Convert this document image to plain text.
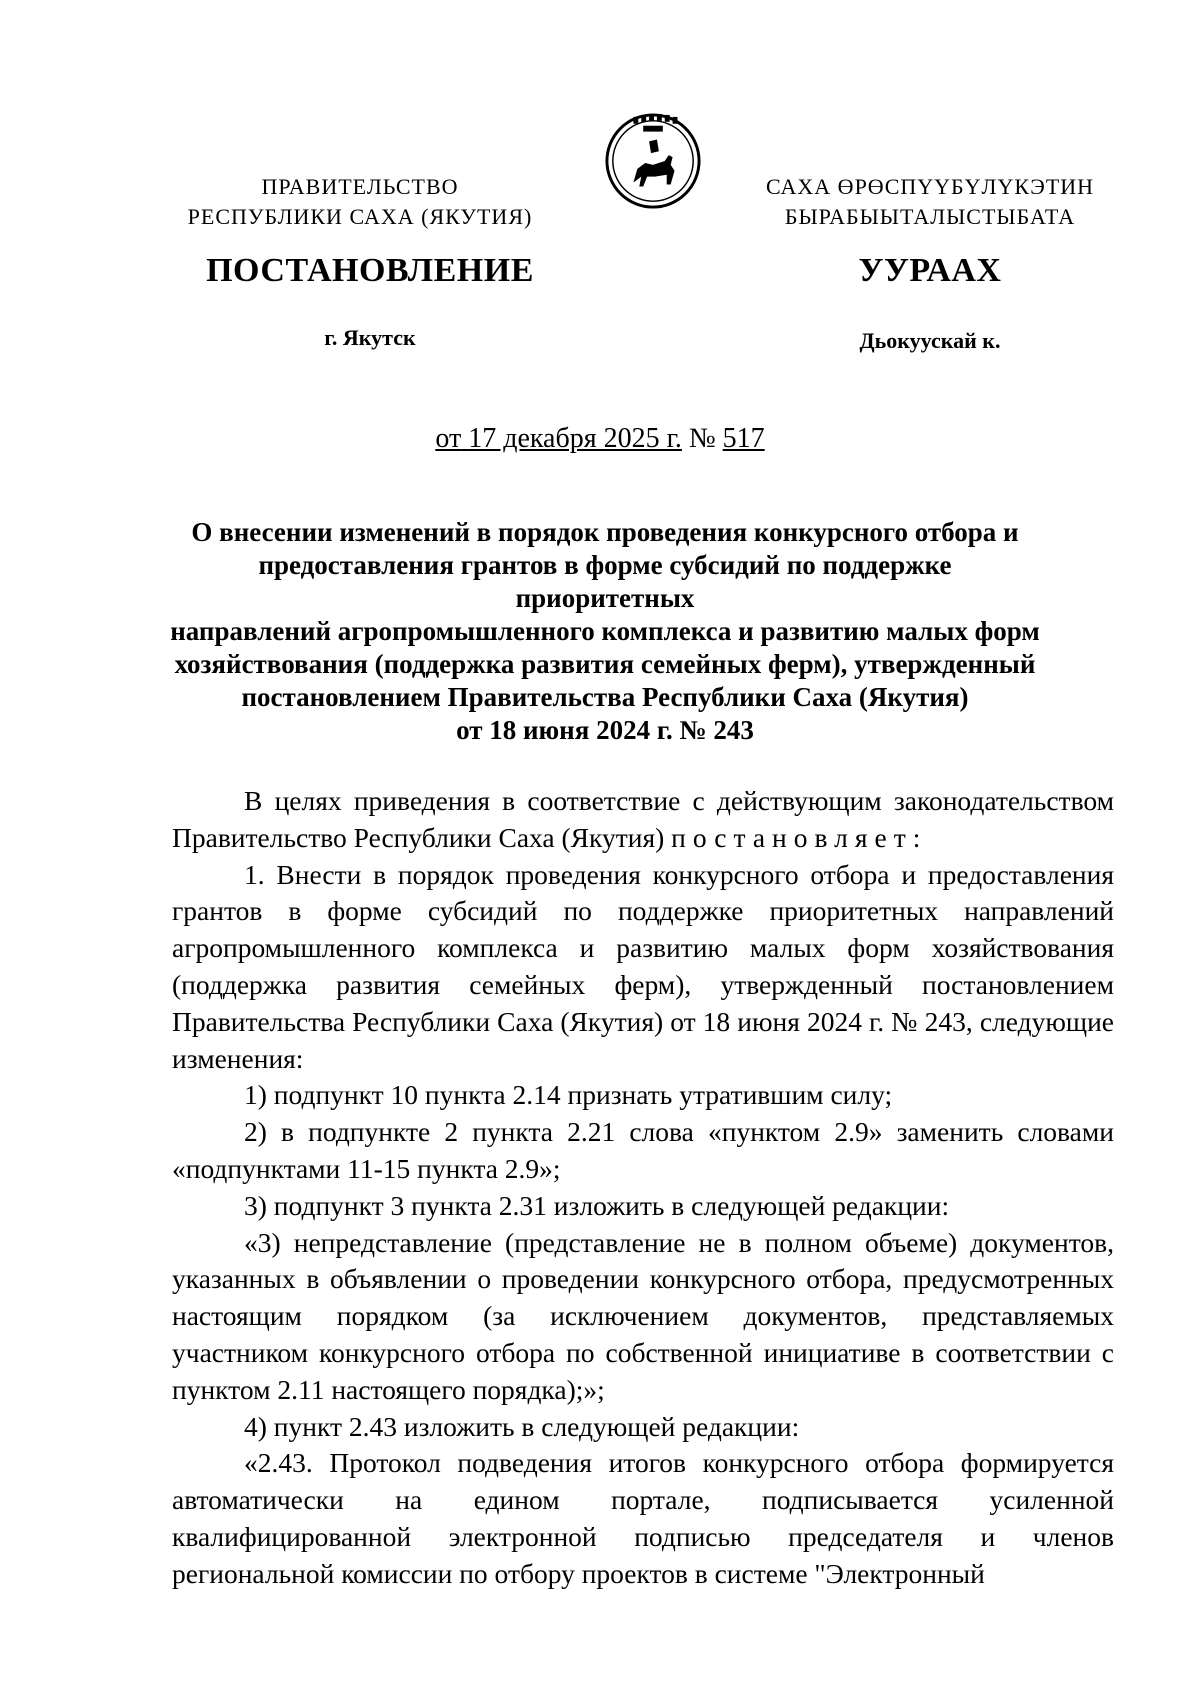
ПРАВИТЕЛЬСТВО
РЕСПУБЛИКИ САХА (ЯКУТИЯ)
САХА ӨРӨСПҮҮБҮЛҮКЭТИН
БЫРАБЫЫТАЛЫСТЫБАТА
ПОСТАНОВЛЕНИЕ	УУРААХ
г. Якутск	Дьокуускай к.
от 17 декабря 2025 г. № 517
О внесении изменений в порядок проведения конкурсного отбора и
предоставления грантов в форме субсидий по поддержке приоритетных
направлений агропромышленного комплекса и развитию малых форм
хозяйствования (поддержка развития семейных ферм), утвержденный
постановлением Правительства Республики Саха (Якутия)
от 18 июня 2024 г. № 243

В целях приведения в соответствие с действующим законодательством Правительство Республики Саха (Якутия) постановляет:

1. Внести в порядок проведения конкурсного отбора и предоставления грантов в форме субсидий по поддержке приоритетных направлений агропромышленного комплекса и развитию малых форм хозяйствования (поддержка развития семейных ферм), утвержденный постановлением Правительства Республики Саха (Якутия) от 18 июня 2024 г. № 243, следующие изменения:

1) подпункт 10 пункта 2.14 признать утратившим силу;

2) в подпункте 2 пункта 2.21 слова «пунктом 2.9» заменить словами «подпунктами 11-15 пункта 2.9»;

3) подпункт 3 пункта 2.31 изложить в следующей редакции:

«3) непредставление (представление не в полном объеме) документов, указанных в объявлении о проведении конкурсного отбора, предусмотренных настоящим порядком (за исключением документов, представляемых участником конкурсного отбора по собственной инициативе в соответствии с пунктом 2.11 настоящего порядка);»;

4) пункт 2.43 изложить в следующей редакции:

«2.43. Протокол подведения итогов конкурсного отбора формируется автоматически на едином портале, подписывается усиленной квалифицированной электронной подписью председателя и членов региональной комиссии по отбору проектов в системе "Электронный
